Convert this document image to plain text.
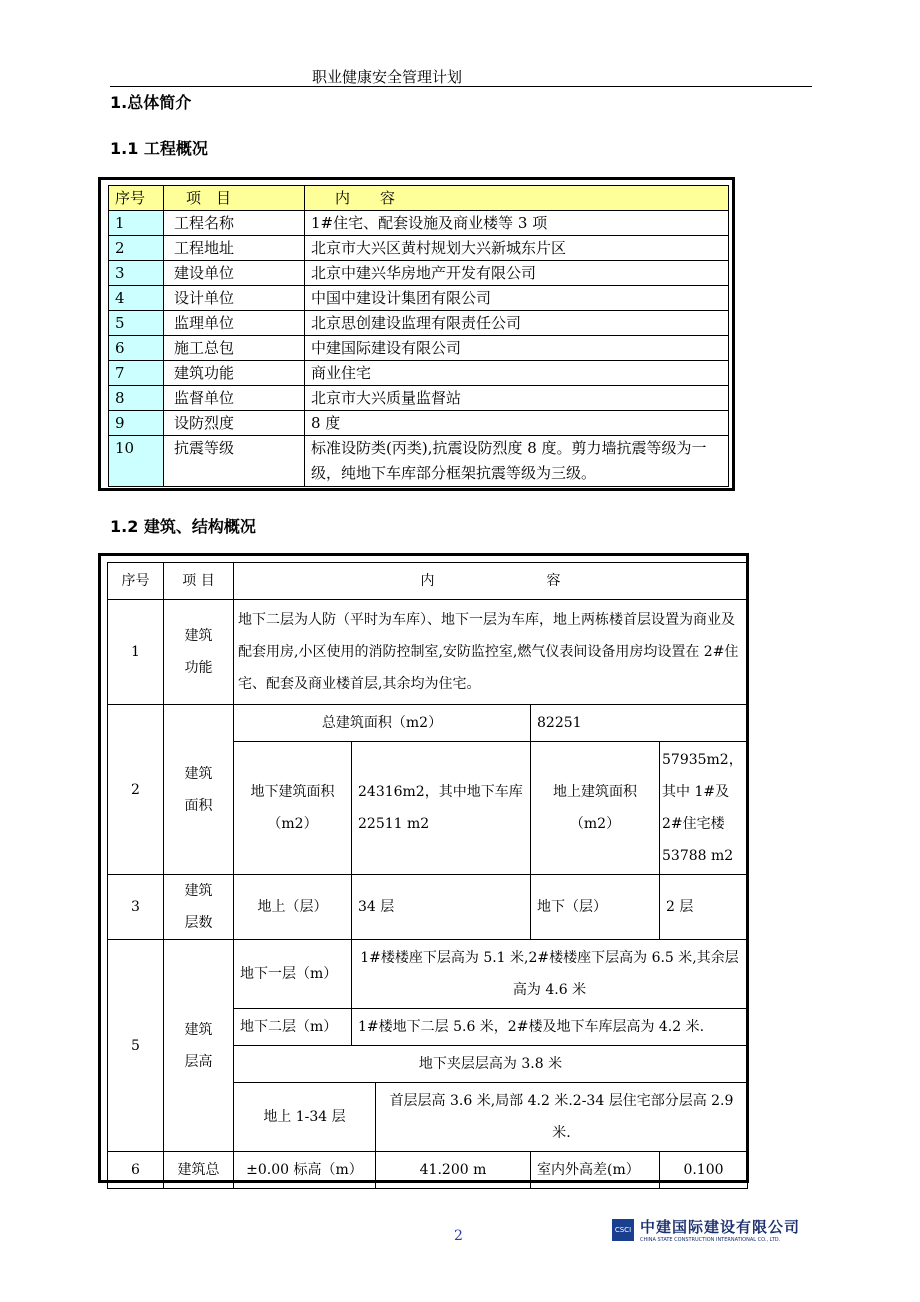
职业健康安全管理计划
1.总体简介
1.1 工程概况
序号	项　目	内　　容
1	工程名称	1#住宅、配套设施及商业楼等 3 项
2	工程地址	北京市大兴区黄村规划大兴新城东片区
3	建设单位	北京中建兴华房地产开发有限公司
4	设计单位	中国中建设计集团有限公司
5	监理单位	北京思创建设监理有限责任公司
6	施工总包	中建国际建设有限公司
7	建筑功能	商业住宅
8	监督单位	北京市大兴质量监督站
9	设防烈度	8 度
10	抗震等级	标准设防类(丙类),抗震设防烈度 8 度。剪力墙抗震等级为一级，纯地下车库部分框架抗震等级为三级。
1.2 建筑、结构概况
序号	项 目	内　　　　　　　　容				
1	建筑功能	地下二层为人防（平时为车库）、地下一层为车库，地上两栋楼首层设置为商业及配套用房,小区使用的消防控制室,安防监控室,燃气仪表间设备用房均设置在 2#住宅、配套及商业楼首层,其余均为住宅。				
2	建筑面积	总建筑面积（m2）			82251	
		地下建筑面积（m2）	24316m2，其中地下车库 22511 m2		地上建筑面积（m2）	57935m2，其中 1#及 2#住宅楼 53788 m2
3	建筑层数	地上（层）	34 层		地下（层）	2 层
5	建筑层高	地下一层（m）	1#楼楼座下层高为 5.1 米,2#楼楼座下层高为 6.5 米,其余层高为 4.6 米			
		地下二层（m）	1#楼地下二层 5.6 米，2#楼及地下车库层高为 4.2 米.			
		地下夹层层高为 3.8 米				
		地上 1-34 层		首层层高 3.6 米,局部 4.2 米.2-34 层住宅部分层高 2.9 米.		
6	建筑总	±0.00 标高（m）		41.200 m	室内外高差(m）	0.100
2	CSCI 中建国际建设有限公司
CHINA STATE CONSTRUCTION INTERNATIONAL CO., LTD.
